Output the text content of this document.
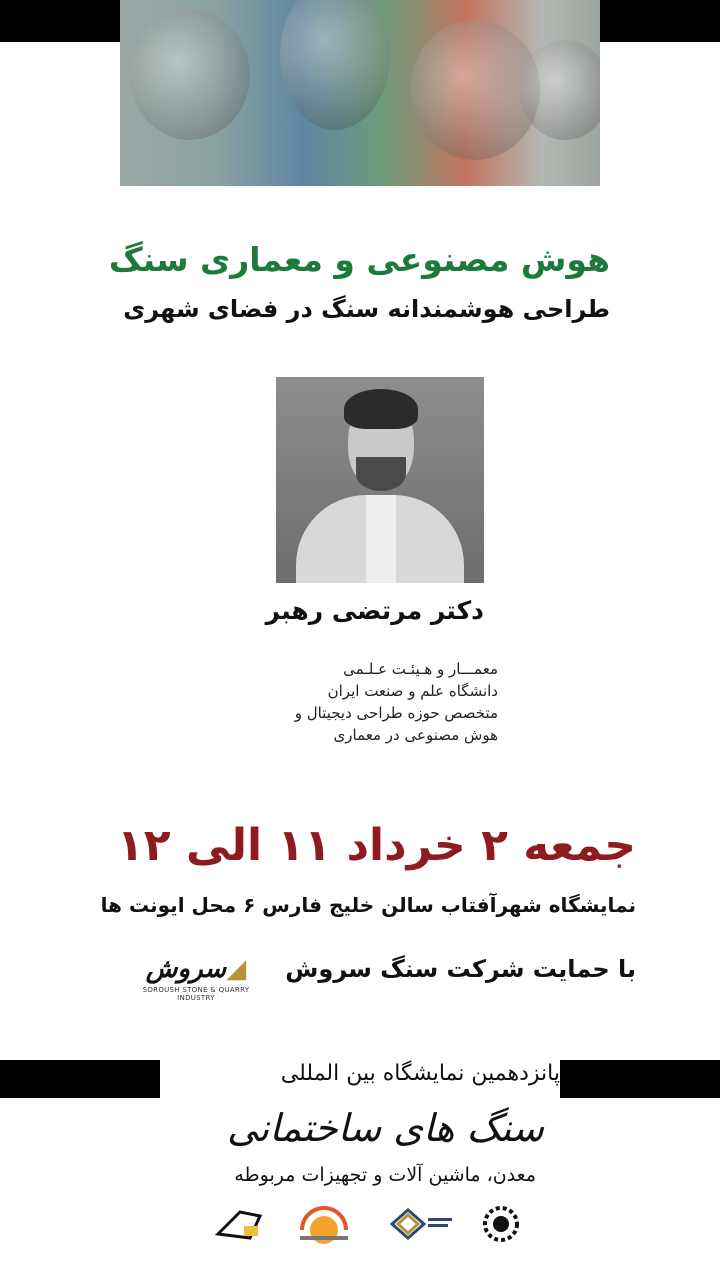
هوش مصنوعی و معماری سنگ
طراحی هوشمندانه سنگ در فضای شهری
دکتر مرتضی رهبر
معمـــار و هـیئـت عـلـمی
دانشگاه علم و صنعت ایران
متخصص حوزه طراحی دیجیتال و
هوش مصنوعی در معماری
جمعه ۲ خرداد ۱۱ الی ۱۲
نمایشگاه شهرآفتاب سالن خلیج فارس ۶ محل ایونت ها
با حمایت شرکت سنگ سروش
◢سروش
SOROUSH STONE & QUARRY INDUSTRY
پانزدهمین نمایشگاه بین المللی
سنگ های ساختمانی
معدن، ماشین آلات و تجهیزات مربوطه
